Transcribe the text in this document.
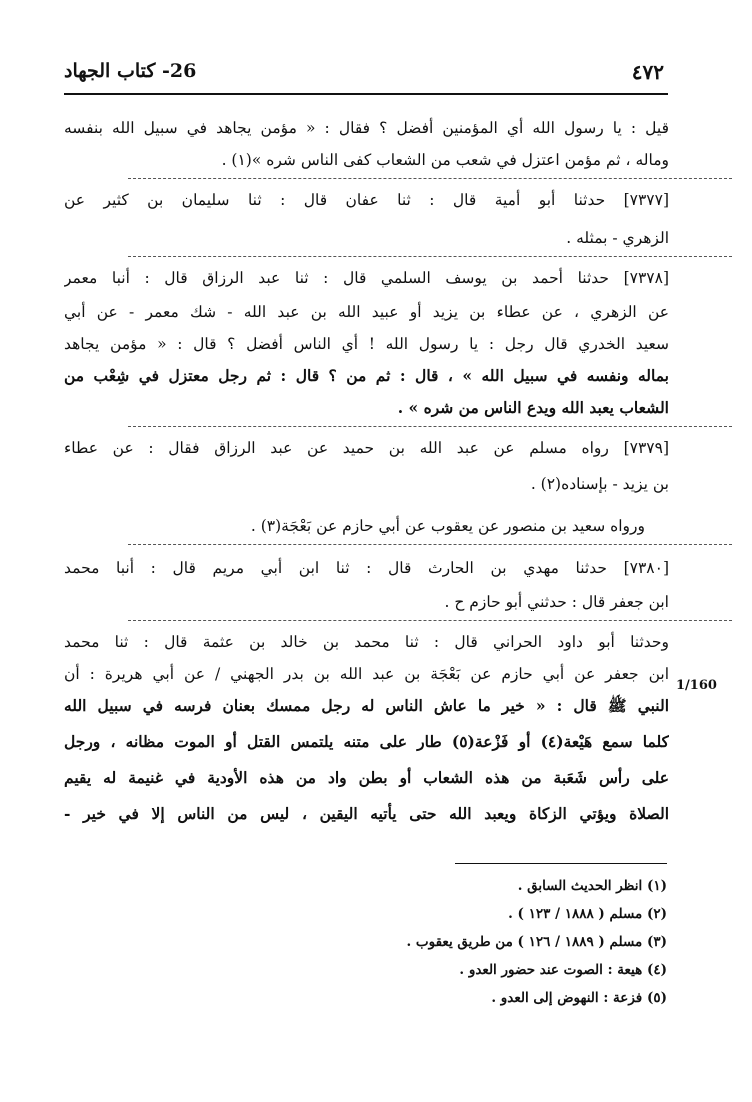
26- كتاب الجهاد	٤٧٢
قيل : يا رسول الله أي المؤمنين أفضل ؟ فقال : « مؤمن يجاهد في سبيل الله بنفسه
وماله ، ثم مؤمن اعتزل في شعب من الشعاب كفى الناس شره »(١) .
[٧٣٧٧] حدثنا أبو أمية قال : ثنا عفان قال : ثنا سليمان بن كثير عن
الزهري - بمثله .
[٧٣٧٨] حدثنا أحمد بن يوسف السلمي قال : ثنا عبد الرزاق قال : أنبا معمر
عن الزهري ، عن عطاء بن يزيد أو عبيد الله بن عبد الله - شك معمر - عن أبي
سعيد الخدري قال رجل : يا رسول الله ! أي الناس أفضل ؟ قال : « مؤمن يجاهد
بماله ونفسه في سبيل الله » ، قال : ثم من ؟ قال : ثم رجل معتزل في شِعْب من
الشعاب يعبد الله ويدع الناس من شره » .
[٧٣٧٩] رواه مسلم عن عبد الله بن حميد عن عبد الرزاق فقال : عن عطاء
بن يزيد - بإسناده(٢) .
ورواه سعيد بن منصور عن يعقوب عن أبي حازم عن بَعْجَة(٣) .
[٧٣٨٠] حدثنا مهدي بن الحارث قال : ثنا ابن أبي مريم قال : أنبا محمد
ابن جعفر قال : حدثني أبو حازم ح .
وحدثنا أبو داود الحراني قال : ثنا محمد بن خالد بن عثمة قال : ثنا محمد
ابن جعفر عن أبي حازم عن بَعْجَة بن عبد الله بن بدر الجهني / عن أبي هريرة : أن
النبي ﷺ قال : « خير ما عاش الناس له رجل ممسك بعنان فرسه في سبيل الله
كلما سمع هَيْعة(٤) أو فَزْعة(٥) طار على متنه يلتمس القتل أو الموت مظانه ، ورجل
على رأس شَعَبة من هذه الشعاب أو بطن واد من هذه الأودية في غنيمة له يقيم
الصلاة ويؤتي الزكاة ويعبد الله حتى يأتيه اليقين ، ليس من الناس إلا في خير -
1/160
(١) انظر الحديث السابق .
(٢) مسلم ( ١٨٨٨ / ١٢٣ ) .
(٣) مسلم ( ١٨٨٩ / ١٢٦ ) من طريق يعقوب .
(٤) هيعة : الصوت عند حضور العدو .
(٥) فزعة : النهوض إلى العدو .
